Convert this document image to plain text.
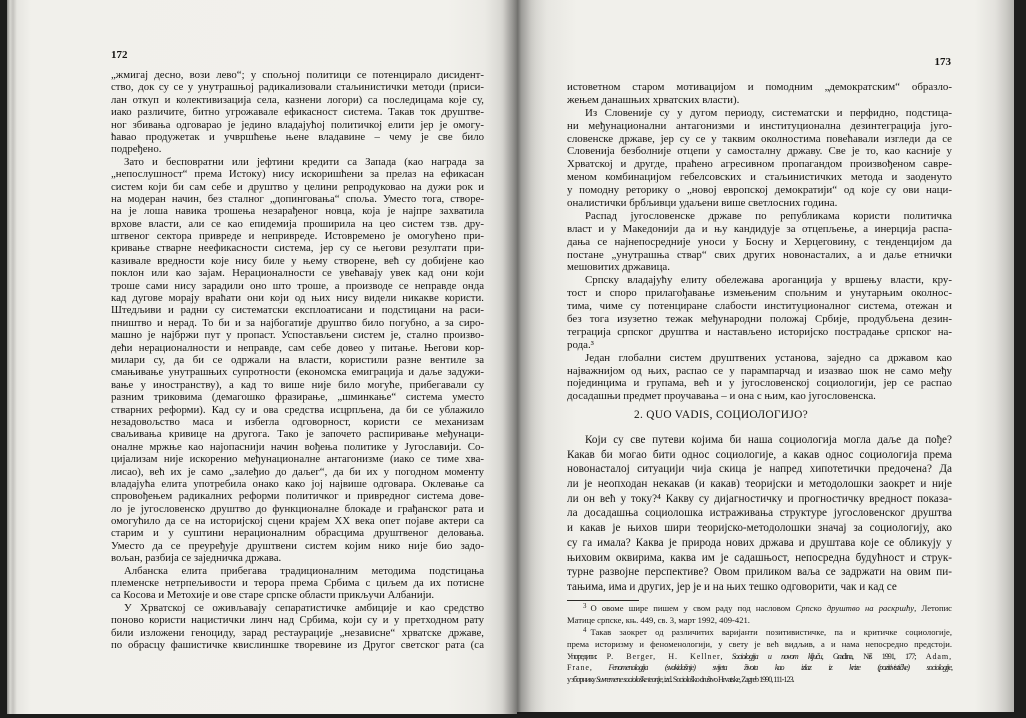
172
„жмигај десно, вози лево“; у спољној политици се потенцирало дисидент-
ство, док су се у унутрашњој радикализовали стаљинистички методи (приси-
лан откуп и колективизација села, казнени логори) са последицама које су,
иако различите, битно угрожавале ефикасност система. Такав ток друштве-
ног збивања одговарао је једино владајућој политичкој елити јер је омогу-
ћавао продужетак и учвршћење њене владавине – чему је све било
подређено.
Зато и бесповратни или јефтини кредити са Запада (као награда за
„непослушност“ према Истоку) нису искоришћени за прелаз на ефикасан
систем који би сам себе и друштво у целини репродуковао на дужи рок и
на модеран начин, без сталног „допинговања“ споља. Уместо тога, створе-
на је лоша навика трошења незарађеног новца, која је најпре захватила
врхове власти, али се као епидемија проширила на цео систем тзв. дру-
штвеног сектора привреде и непривреде. Истовремено је омогућено при-
кривање стварне неефикасности система, јер су се његови резултати при-
казивале вредности које нису биле у њему створене, већ су добијене као
поклон или као зајам. Нерационалности се увећавају увек кад они који
троше сами нису зарадили оно што троше, а производе се неправде онда
кад дугове морају враћати они који од њих нису видели никакве користи.
Штедљиви и радни су систематски експлоатисани и подстицани на раси-
пништво и нерад. То би и за најбогатије друштво било погубно, а за сиро-
машно је најбржи пут у пропаст. Успостављени систем је, стално произво-
дећи нерационалности и неправде, сам себе довео у питање. Његови кор-
милари су, да би се одржали на власти, користили разне вентиле за
смањивање унутрашњих супротности (економска емиграција и даље задужи-
вање у иностранству), а кад то више није било могуће, прибегавали су
разним триковима (демагошко фразирање, „шминкање“ система уместо
стварних реформи). Кад су и ова средства исцрпљена, да би се ублажило
незадовољство маса и избегла одговорност, користи се механизам
сваљивања кривице на другога. Тако је започето распиривање међунаци-
оналне мржње као најопаснији начин вођења политике у Југославији. Со-
цијализам није искоренио међунационалне антагонизме (иако се тиме хва-
лисао), већ их је само „залеђио до даљег“, да би их у погодном моменту
владајућа елита употребила онако како јој највише одговара. Оклевање са
спровођењем радикалних реформи политичког и привредног система дове-
ло је југословенско друштво до функционалне блокаде и грађанског рата и
омогућило да се на историјској сцени крајем XX века опет појаве актери са
старим и у суштини нерационалним обрасцима друштвеног деловања.
Уместо да се преуређује друштвени систем којим нико није био задо-
вољан, разбија се заједничка држава.
Албанска елита прибегава традиционалним методима подстицања
племенске нетрпељивости и терора према Србима с циљем да их потисне
са Косова и Метохије и ове старе српске области прикључи Албанији.
У Хрватској се оживљавају сепаратистичке амбиције и као средство
поново користи нацистички линч над Србима, који су и у претходном рату
били изложени геноциду, зарад рестаурације „независне“ хрватске државе,
по обрасцу фашистичке квислиншке творевине из Другог светског рата (са
173
истоветном старом мотивацијом и помодним „демократским“ образло-
жењем данашњих хрватских власти).
Из Словеније су у дугом периоду, систематски и перфидно, подстица-
ни међунационални антагонизми и институционална дезинтеграција југо-
словенске државе, јер су се у таквим околностима повећавали изгледи да се
Словенија безболније отцепи у самосталну државу. Све је то, као касније у
Хрватској и другде, праћено агресивном пропагандом произвођеном савре-
меном комбинацијом гебелсовских и стаљинистичких метода и заоденуто
у помодну реторику о „новој европској демократији“ од које су ови наци-
оналистички брбљивци удаљени више светлосних година.
Распад југословенске државе по републикама користи политичка
власт и у Македонији да и њу кандидује за отцепљење, а инерција распа-
дања се најнепосредније уноси у Босну и Херцеговину, с тенденцијом да
постане „унутрашња ствар“ свих других новонасталих, а и даље етнички
мешовитих државица.
Српску владајућу елиту обележава ароганција у вршењу власти, кру-
тост и споро прилагођавање измењеним спољним и унутарњим околнос-
тима, чиме су потенциране слабости институционалног система, отежан и
без тога изузетно тежак међународни положај Србије, продубљена дезин-
теграција српског друштва и настављено историјско пострадање српског на-
рода.³
Један глобални систем друштвених установа, заједно са државом као
најважнијом од њих, распао се у парампарчад и изазвао шок не само међу
појединцима и групама, већ и у југословенској социологији, јер се распао
досадашњи предмет проучавања – и она с њим, као југословенска.
2. QUO VADIS, СОЦИОЛОГИЈО?
Који су све путеви којима би наша социологија могла даље да пође?
Какав би могао бити однос социологије, а какав однос социологија према
новонасталој ситуацији чија скица је напред хипотетички предочена? Да
ли је неопходан некакав (и какав) теоријски и методолошки заокрет и није
ли он већ у току?⁴ Какву су дијагностичку и прогностичку вредност показа-
ла досадашња социолошка истраживања структуре југословенског друштва
и какав је њихов шири теоријско-методолошки значај за социологију, ако
су га имала? Каква је природа нових држава и друштава које се обликују у
њиховим оквирима, каква им је садашњост, непосредна будућност и струк-
турне развојне перспективе? Овом приликом ваља се задржати на овим пи-
тањима, има и других, јер је и на њих тешко одговорити, чак и кад се
$^3$ О овоме шире пишем у свом раду под насловом Српско друштво на раскршћу, Летопис
Матице српске, књ. 449, св. 3, март 1992, 409-421.
$^4$ Такав заокрет од различитих варијанти позитивистичке, па и критичке социологије,
према историзму и феноменологији, у свету је већ видљив, а и нама непосредно предстоји.
Упоредити: P. Berger, H. Kellner, Sociologija u novom ključu, Gradina, Niš 1991, 177; Adam,
Frane, Fenomenologija (svakidašnje) svijeta života kao izlaz iz krize (pozitivističke) sociologije,
у зборнику Suvremene sociološke teorije, izd. Sociološko društvo Hrvatske, Zagreb 1990, 111-123.
